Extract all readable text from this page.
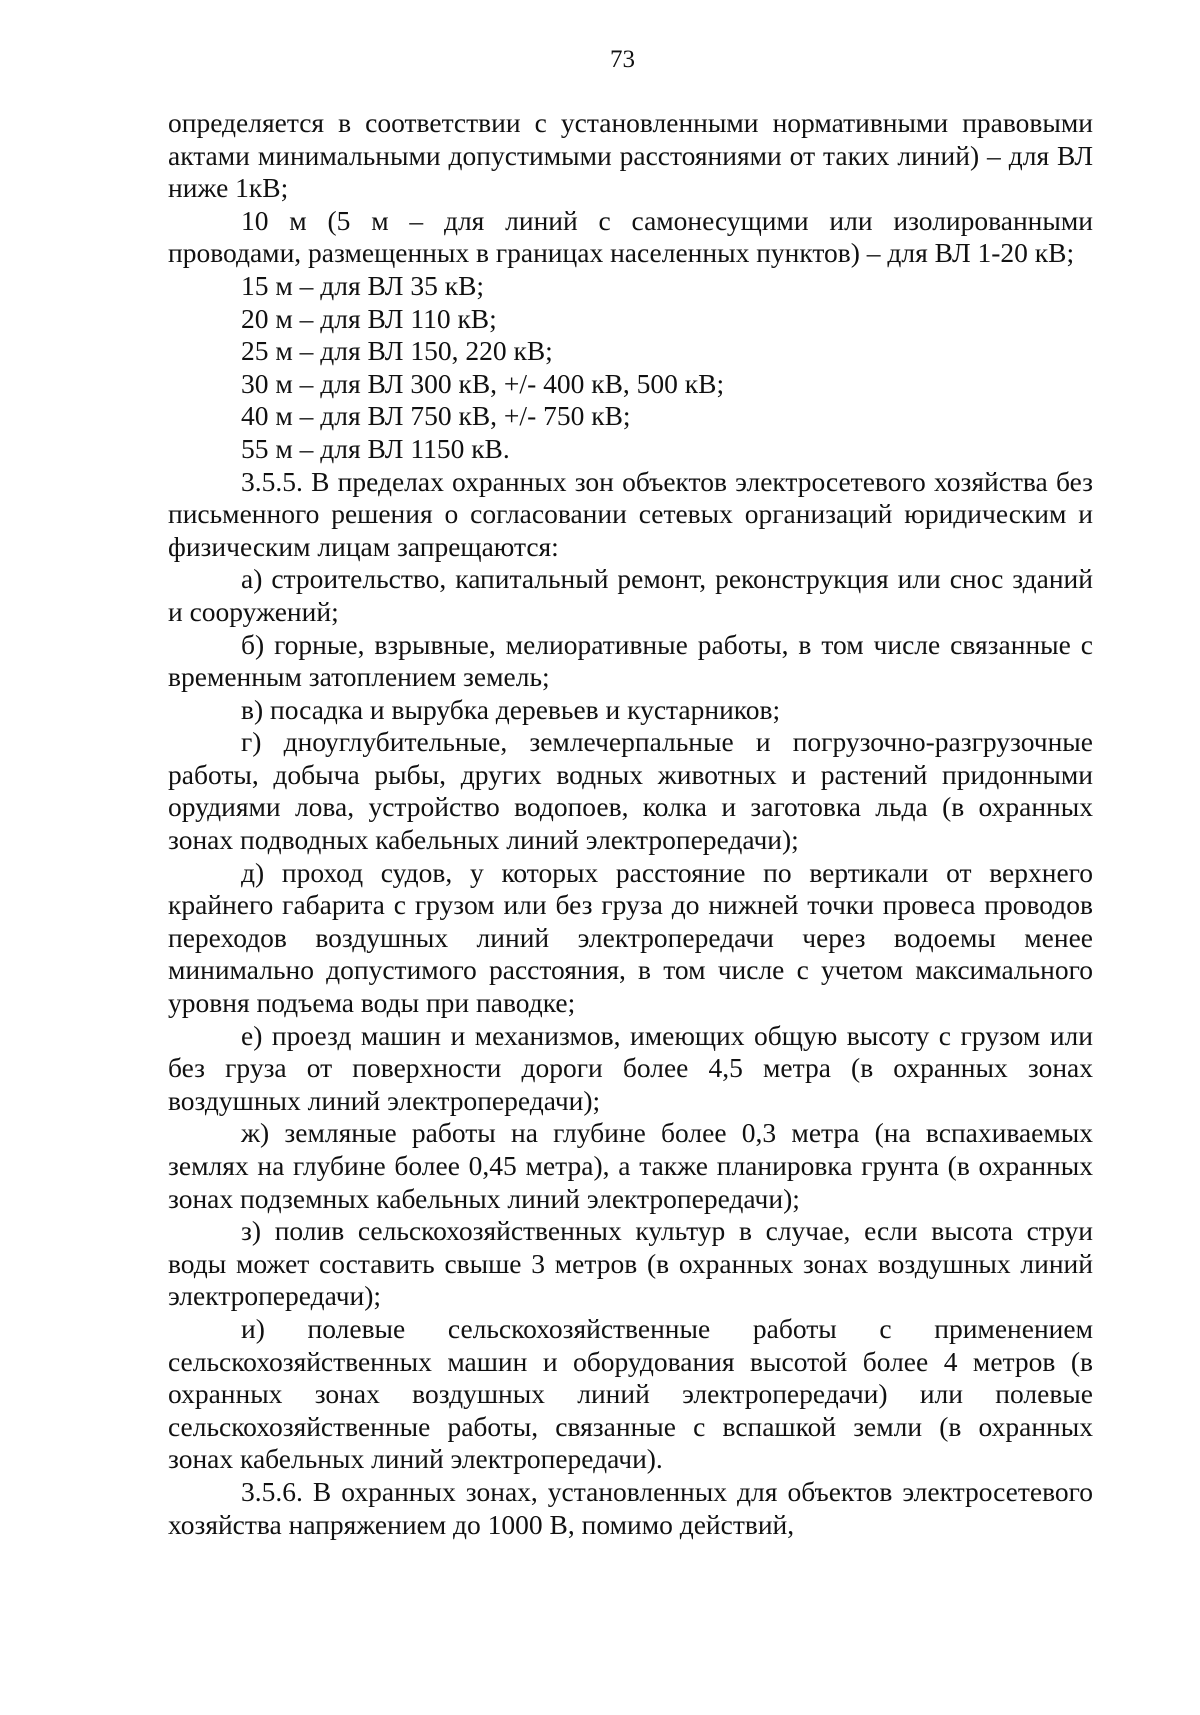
73

определяется в соответствии с установленными нормативными правовыми актами минимальными допустимыми расстояниями от таких линий) – для ВЛ ниже 1кВ;

10 м (5 м – для линий с самонесущими или изолированными проводами, размещенных в границах населенных пунктов) – для ВЛ 1-20 кВ;

15 м – для ВЛ 35 кВ;

20 м – для ВЛ 110 кВ;

25 м – для ВЛ 150, 220 кВ;

30 м – для ВЛ 300 кВ, +/- 400 кВ, 500 кВ;

40 м – для ВЛ 750 кВ, +/- 750 кВ;

55 м – для ВЛ 1150 кВ.

3.5.5. В пределах охранных зон объектов электросетевого хозяйства без письменного решения о согласовании сетевых организаций юридическим и физическим лицам запрещаются:

а) строительство, капитальный ремонт, реконструкция или снос зданий и сооружений;

б) горные, взрывные, мелиоративные работы, в том числе связанные с временным затоплением земель;

в) посадка и вырубка деревьев и кустарников;

г) дноуглубительные, землечерпальные и погрузочно-разгрузочные работы, добыча рыбы, других водных животных и растений придонными орудиями лова, устройство водопоев, колка и заготовка льда (в охранных зонах подводных кабельных линий электропередачи);

д) проход судов, у которых расстояние по вертикали от верхнего крайнего габарита с грузом или без груза до нижней точки провеса проводов переходов воздушных линий электропередачи через водоемы менее минимально допустимого расстояния, в том числе с учетом максимального уровня подъема воды при паводке;

е) проезд машин и механизмов, имеющих общую высоту с грузом или без груза от поверхности дороги более 4,5 метра (в охранных зонах воздушных линий электропередачи);

ж) земляные работы на глубине более 0,3 метра (на вспахиваемых землях на глубине более 0,45 метра), а также планировка грунта (в охранных зонах подземных кабельных линий электропередачи);

з) полив сельскохозяйственных культур в случае, если высота струи воды может составить свыше 3 метров (в охранных зонах воздушных линий электропередачи);

и) полевые сельскохозяйственные работы с применением сельскохозяйственных машин и оборудования высотой более 4 метров (в охранных зонах воздушных линий электропередачи) или полевые сельскохозяйственные работы, связанные с вспашкой земли (в охранных зонах кабельных линий электропередачи).

3.5.6. В охранных зонах, установленных для объектов электросетевого хозяйства напряжением до 1000 В, помимо действий,
